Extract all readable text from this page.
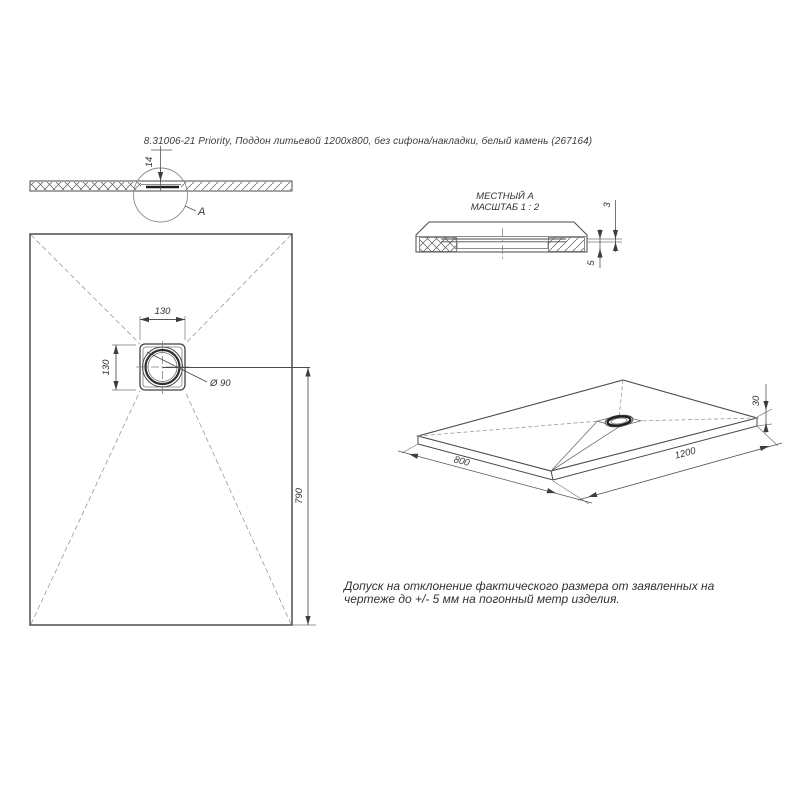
8.31006-21 Priority, Поддон литьевой 1200x800, без сифона/накладки, белый камень (267164)
A
14
МЕСТНЫЙ А
МАСШТАБ 1 : 2	3
5
Ø 90
130
130
790
800	1200
30
Допуск на отклонение фактического размера от заявленных на
чертеже до +/- 5 мм на погонный метр изделия.
